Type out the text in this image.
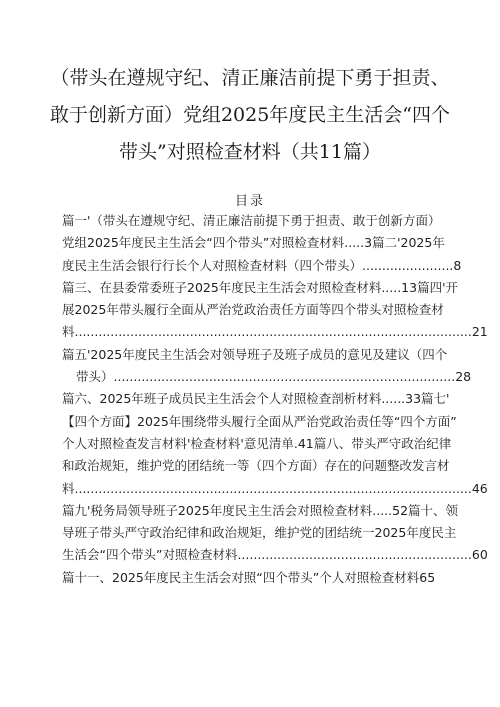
（带头在遵规守纪、清正廉洁前提下勇于担责、
敢于创新方面）党组2025年度民主生活会“四个
带头”对照检查材料（共11篇）
目录
篇一'（带头在遵规守纪、清正廉洁前提下勇于担责、敢于创新方面）
党组2025年度民主生活会“四个带头”对照检查材料.....3篇二'2025年
度民主生活会银行行长个人对照检查材料（四个带头）.......................8
篇三、在县委常委班子2025年度民主生活会对照检查材料.....13篇四'开
展2025年带头履行全面从严治党政治责任方面等四个带头对照检查材
料....................................................................................................21
篇五'2025年度民主生活会对领导班子及班子成员的意见及建议（四个
带头）......................................................................................28
篇六、2025年班子成员民主生活会个人对照检查剖析材料......33篇七'
【四个方面】2025年围绕带头履行全面从严治党政治责任等“四个方面”
个人对照检查发言材料'检查材料'意见清单.41篇八、带头严守政治纪律
和政治规矩，维护党的团结统一等（四个方面）存在的问题整改发言材
料....................................................................................................46
篇九'税务局领导班子2025年度民主生活会对照检查材料.....52篇十、领
导班子带头严守政治纪律和政治规矩，维护党的团结统一2025年度民主
生活会“四个带头”对照检查材料...........................................................60
篇十一、2025年度民主生活会对照“四个带头”个人对照检查材料65
